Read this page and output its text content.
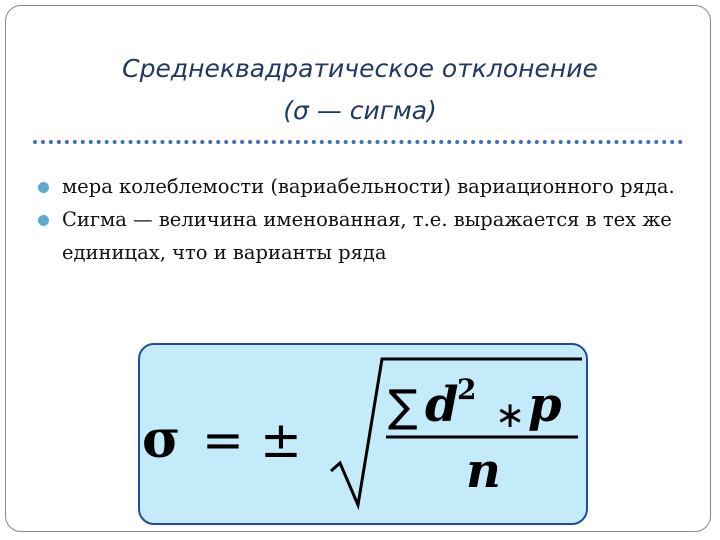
Среднеквадратическое отклонение
(σ — сигма)
мера колеблемости (вариабельности) вариационного ряда.
Сигма — величина именованная, т.е. выражается в тех же единицах, что и варианты ряда
σ = ±
∑ d
2
∗ p
n
